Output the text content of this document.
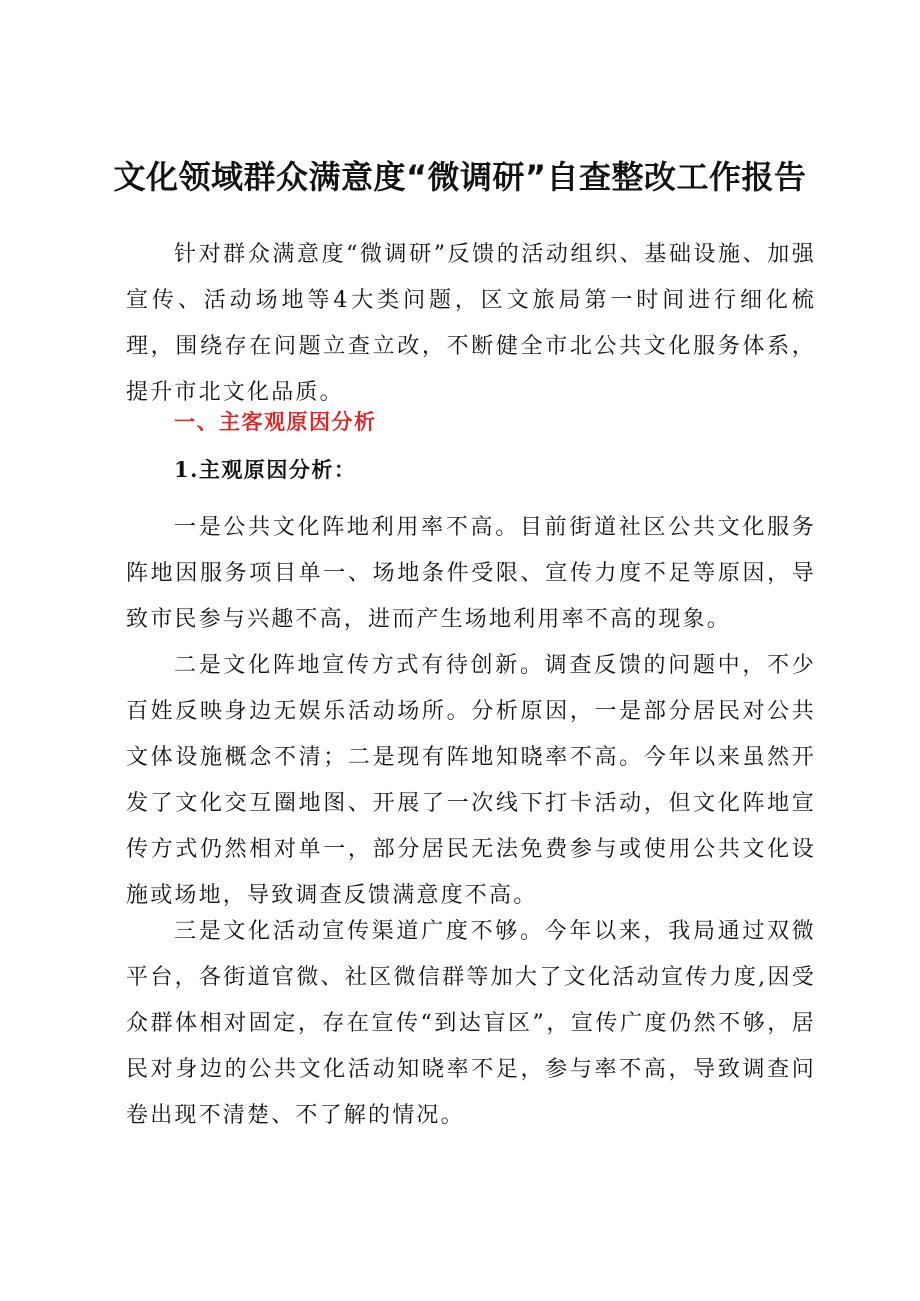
文化领域群众满意度“微调研”自查整改工作报告

针对群众满意度“微调研”反馈的活动组织、基础设施、加强宣传、活动场地等4大类问题，区文旅局第一时间进行细化梳理，围绕存在问题立查立改，不断健全市北公共文化服务体系，提升市北文化品质。

一、主客观原因分析
1.主观原因分析：

一是公共文化阵地利用率不高。目前街道社区公共文化服务阵地因服务项目单一、场地条件受限、宣传力度不足等原因，导致市民参与兴趣不高，进而产生场地利用率不高的现象。

二是文化阵地宣传方式有待创新。调查反馈的问题中，不少百姓反映身边无娱乐活动场所。分析原因，一是部分居民对公共文体设施概念不清；二是现有阵地知晓率不高。今年以来虽然开发了文化交互圈地图、开展了一次线下打卡活动，但文化阵地宣传方式仍然相对单一，部分居民无法免费参与或使用公共文化设施或场地，导致调查反馈满意度不高。

三是文化活动宣传渠道广度不够。今年以来，我局通过双微平台，各街道官微、社区微信群等加大了文化活动宣传力度,因受众群体相对固定，存在宣传“到达盲区”，宣传广度仍然不够，居民对身边的公共文化活动知晓率不足，参与率不高，导致调查问卷出现不清楚、不了解的情况。
